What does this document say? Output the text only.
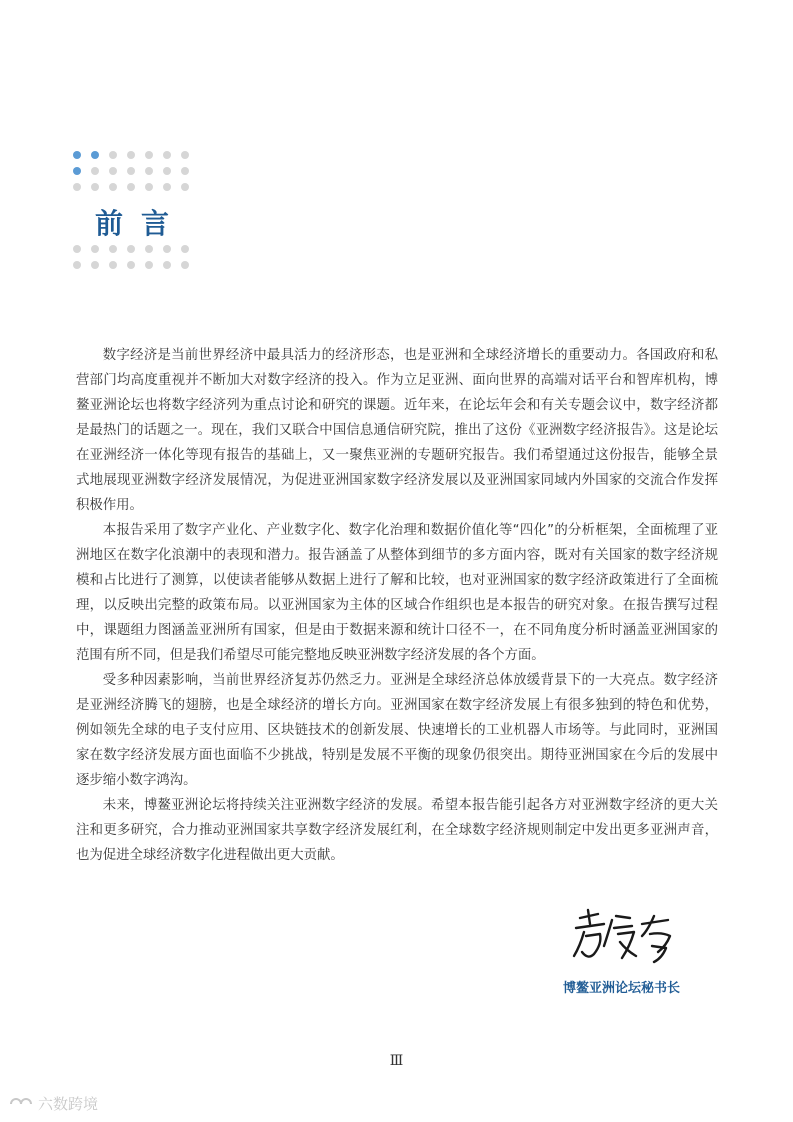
前言

数字经济是当前世界经济中最具活力的经济形态，也是亚洲和全球经济增长的重要动力。各国政府和私营部门均高度重视并不断加大对数字经济的投入。作为立足亚洲、面向世界的高端对话平台和智库机构，博鳌亚洲论坛也将数字经济列为重点讨论和研究的课题。近年来，在论坛年会和有关专题会议中，数字经济都是最热门的话题之一。现在，我们又联合中国信息通信研究院，推出了这份《亚洲数字经济报告》。这是论坛在亚洲经济一体化等现有报告的基础上，又一聚焦亚洲的专题研究报告。我们希望通过这份报告，能够全景式地展现亚洲数字经济发展情况，为促进亚洲国家数字经济发展以及亚洲国家同域内外国家的交流合作发挥积极作用。

本报告采用了数字产业化、产业数字化、数字化治理和数据价值化等“四化”的分析框架，全面梳理了亚洲地区在数字化浪潮中的表现和潜力。报告涵盖了从整体到细节的多方面内容，既对有关国家的数字经济规模和占比进行了测算，以使读者能够从数据上进行了解和比较，也对亚洲国家的数字经济政策进行了全面梳理，以反映出完整的政策布局。以亚洲国家为主体的区域合作组织也是本报告的研究对象。在报告撰写过程中，课题组力图涵盖亚洲所有国家，但是由于数据来源和统计口径不一，在不同角度分析时涵盖亚洲国家的范围有所不同，但是我们希望尽可能完整地反映亚洲数字经济发展的各个方面。

受多种因素影响，当前世界经济复苏仍然乏力。亚洲是全球经济总体放缓背景下的一大亮点。数字经济是亚洲经济腾飞的翅膀，也是全球经济的增长方向。亚洲国家在数字经济发展上有很多独到的特色和优势，例如领先全球的电子支付应用、区块链技术的创新发展、快速增长的工业机器人市场等。与此同时，亚洲国家在数字经济发展方面也面临不少挑战，特别是发展不平衡的现象仍很突出。期待亚洲国家在今后的发展中逐步缩小数字鸿沟。

未来，博鳌亚洲论坛将持续关注亚洲数字经济的发展。希望本报告能引起各方对亚洲数字经济的更大关注和更多研究，合力推动亚洲国家共享数字经济发展红利，在全球数字经济规则制定中发出更多亚洲声音，也为促进全球经济数字化进程做出更大贡献。

博鳌亚洲论坛秘书长
Ⅲ
六数跨境
